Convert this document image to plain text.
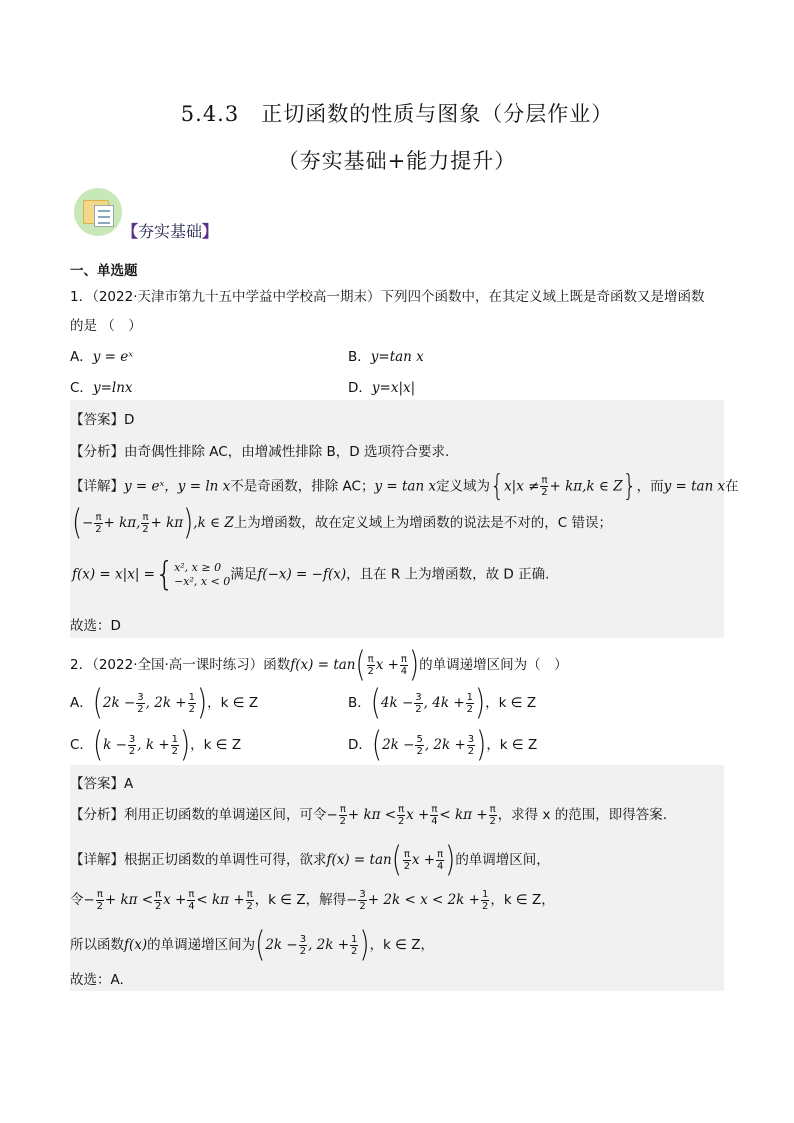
5.4.3　正切函数的性质与图象（分层作业）
（夯实基础+能力提升）
【夯实基础】
一、单选题
1．（2022·天津市第九十五中学益中学校高一期末）下列四个函数中，在其定义域上既是奇函数又是增函数
的是 （　）
A．y = eˣ	B．y=tan x
C．y=lnx	D．y=x|x|
【答案】D
【分析】由奇偶性排除 AC，由增减性排除 B，D 选项符合要求.
【详解】y = eˣ，y = ln x不是奇函数，排除 AC；y = tan x定义域为{$x|x \ne \frac{\pi}{2} + k\pi,k$ ∈ Z}，而y = tan x在
(− $\frac{\pi}{2} + k\pi$, $\frac{\pi}{2} + k\pi),k$ ∈ Z上为增函数，故在定义域上为增函数的说法是不对的，C 错误；
f(x) = x|x| ={ x², x ≥ 0
−x², x < 0 满足f(−x) = −f(x)，且在 R 上为增函数，故 D 正确.
故选：D
2．（2022·全国·高一课时练习）函数$f(x) = \tan( \frac{\pi}{2}$ $x + \frac{\pi}{4}$ )的单调递增区间为（　）
A．($2k - \frac{3}{2}$ , $2k + \frac{1}{2}$ )，k ∈ Z	B．($4k - \frac{3}{2}$ , $4k + \frac{1}{2}$ )，k ∈ Z
C．($k - \frac{3}{2}$ , $k + \frac{1}{2}$ )，k ∈ Z	D．($2k - \frac{5}{2}$ , $2k + \frac{3}{2}$ )，k ∈ Z
【答案】A
【分析】利用正切函数的单调递区间，可令− $\frac{\pi}{2} + k\pi < \frac{\pi}{2}$ $x + \frac{\pi}{4} < k\pi + \frac{\pi}{2}$ ，求得 x 的范围，即得答案.
【详解】根据正切函数的单调性可得，欲求$f(x) = \tan( \frac{\pi}{2}$ $x + \frac{\pi}{4}$ )的单调增区间，
令− $\frac{\pi}{2} + k\pi < \frac{\pi}{2}$ $x + \frac{\pi}{4} < k\pi + \frac{\pi}{2}$ ，k ∈ Z，解得− $\frac{3}{2} + 2k < x < 2k + \frac{1}{2}$ ，k ∈ Z，
所以函数f(x)的单调递增区间为($2k - \frac{3}{2}$ , $2k + \frac{1}{2}$ )，k ∈ Z，
故选：A.
